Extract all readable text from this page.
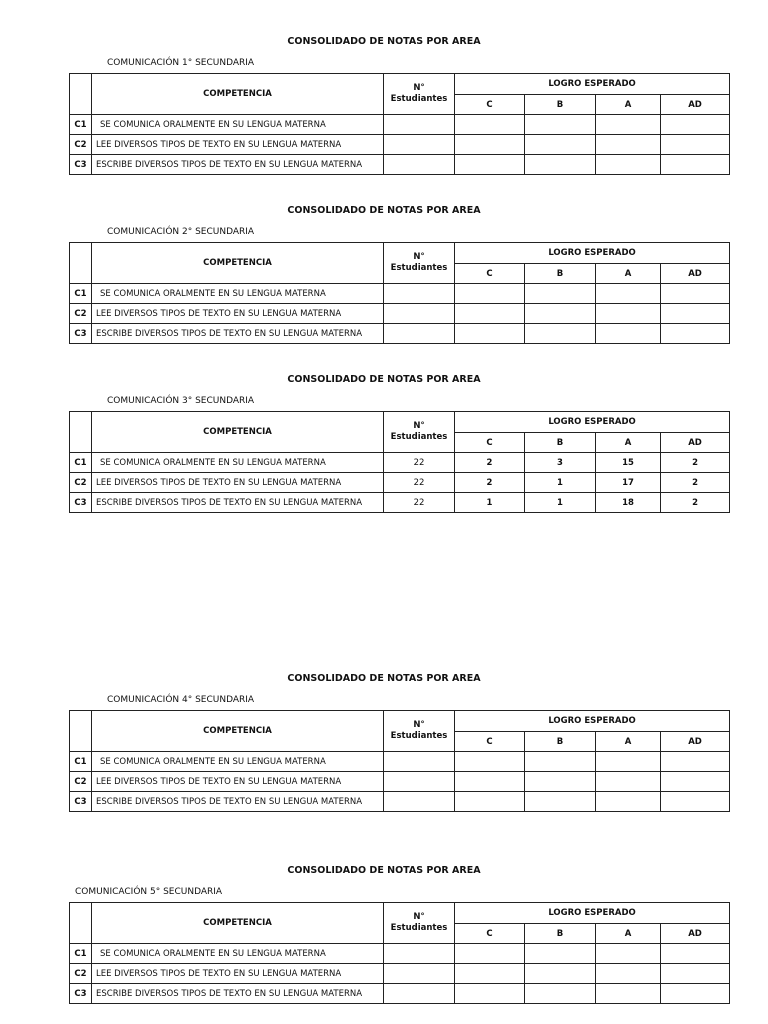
CONSOLIDADO DE NOTAS POR AREA
COMUNICACIÓN 1° SECUNDARIA
	COMPETENCIA	N°
Estudiantes	LOGRO ESPERADO			
			C	B	A	AD
C1	SE COMUNICA ORALMENTE EN SU LENGUA MATERNA					
C2	LEE DIVERSOS TIPOS DE TEXTO EN SU LENGUA MATERNA					
C3	ESCRIBE DIVERSOS TIPOS DE TEXTO EN SU LENGUA MATERNA					
CONSOLIDADO DE NOTAS POR AREA
COMUNICACIÓN 2° SECUNDARIA
	COMPETENCIA	N°
Estudiantes	LOGRO ESPERADO			
			C	B	A	AD
C1	SE COMUNICA ORALMENTE EN SU LENGUA MATERNA					
C2	LEE DIVERSOS TIPOS DE TEXTO EN SU LENGUA MATERNA					
C3	ESCRIBE DIVERSOS TIPOS DE TEXTO EN SU LENGUA MATERNA					
CONSOLIDADO DE NOTAS POR AREA
COMUNICACIÓN 3° SECUNDARIA
	COMPETENCIA	N°
Estudiantes	LOGRO ESPERADO			
			C	B	A	AD
C1	SE COMUNICA ORALMENTE EN SU LENGUA MATERNA	22	2	3	15	2
C2	LEE DIVERSOS TIPOS DE TEXTO EN SU LENGUA MATERNA	22	2	1	17	2
C3	ESCRIBE DIVERSOS TIPOS DE TEXTO EN SU LENGUA MATERNA	22	1	1	18	2
CONSOLIDADO DE NOTAS POR AREA
COMUNICACIÓN 4° SECUNDARIA
	COMPETENCIA	N°
Estudiantes	LOGRO ESPERADO			
			C	B	A	AD
C1	SE COMUNICA ORALMENTE EN SU LENGUA MATERNA					
C2	LEE DIVERSOS TIPOS DE TEXTO EN SU LENGUA MATERNA					
C3	ESCRIBE DIVERSOS TIPOS DE TEXTO EN SU LENGUA MATERNA					
CONSOLIDADO DE NOTAS POR AREA
COMUNICACIÓN 5° SECUNDARIA
	COMPETENCIA	N°
Estudiantes	LOGRO ESPERADO			
			C	B	A	AD
C1	SE COMUNICA ORALMENTE EN SU LENGUA MATERNA					
C2	LEE DIVERSOS TIPOS DE TEXTO EN SU LENGUA MATERNA					
C3	ESCRIBE DIVERSOS TIPOS DE TEXTO EN SU LENGUA MATERNA					
